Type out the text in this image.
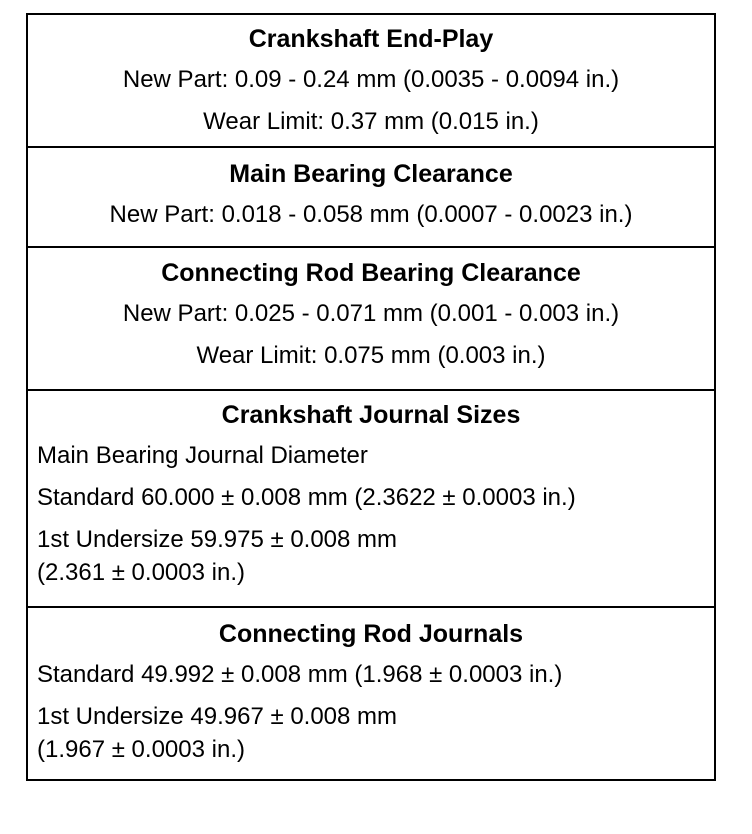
Crankshaft End-Play
New Part: 0.09 - 0.24 mm (0.0035 - 0.0094 in.)
Wear Limit: 0.37 mm (0.015 in.)
Main Bearing Clearance
New Part: 0.018 - 0.058 mm (0.0007 - 0.0023 in.)
Connecting Rod Bearing Clearance
New Part: 0.025 - 0.071 mm (0.001 - 0.003 in.)
Wear Limit: 0.075 mm (0.003 in.)
Crankshaft Journal Sizes
Main Bearing Journal Diameter
Standard 60.000 ± 0.008 mm (2.3622 ± 0.0003 in.)
1st Undersize 59.975 ± 0.008 mm
(2.361 ± 0.0003 in.)
Connecting Rod Journals
Standard 49.992 ± 0.008 mm (1.968 ± 0.0003 in.)
1st Undersize 49.967 ± 0.008 mm
(1.967 ± 0.0003 in.)
